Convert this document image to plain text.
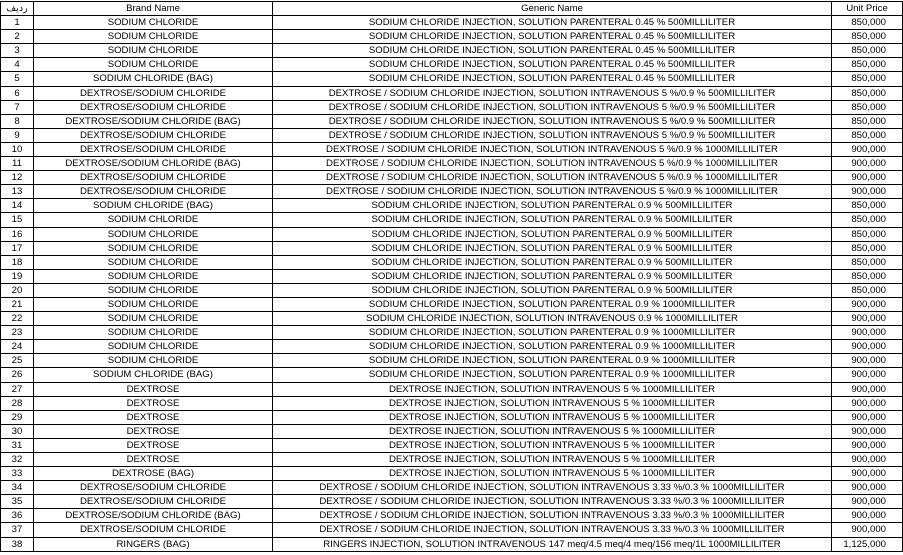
ردیف	Brand Name	Generic Name	Unit Price
1	SODIUM CHLORIDE	SODIUM CHLORIDE INJECTION, SOLUTION PARENTERAL 0.45 % 500MILLILITER	850,000
2	SODIUM CHLORIDE	SODIUM CHLORIDE INJECTION, SOLUTION PARENTERAL 0.45 % 500MILLILITER	850,000
3	SODIUM CHLORIDE	SODIUM CHLORIDE INJECTION, SOLUTION PARENTERAL 0.45 % 500MILLILITER	850,000
4	SODIUM CHLORIDE	SODIUM CHLORIDE INJECTION, SOLUTION PARENTERAL 0.45 % 500MILLILITER	850,000
5	SODIUM CHLORIDE (BAG)	SODIUM CHLORIDE INJECTION, SOLUTION PARENTERAL 0.45 % 500MILLILITER	850,000
6	DEXTROSE/SODIUM CHLORIDE	DEXTROSE / SODIUM CHLORIDE INJECTION, SOLUTION INTRAVENOUS 5 %/0.9 % 500MILLILITER	850,000
7	DEXTROSE/SODIUM CHLORIDE	DEXTROSE / SODIUM CHLORIDE INJECTION, SOLUTION INTRAVENOUS 5 %/0.9 % 500MILLILITER	850,000
8	DEXTROSE/SODIUM CHLORIDE (BAG)	DEXTROSE / SODIUM CHLORIDE INJECTION, SOLUTION INTRAVENOUS 5 %/0.9 % 500MILLILITER	850,000
9	DEXTROSE/SODIUM CHLORIDE	DEXTROSE / SODIUM CHLORIDE INJECTION, SOLUTION INTRAVENOUS 5 %/0.9 % 500MILLILITER	850,000
10	DEXTROSE/SODIUM CHLORIDE	DEXTROSE / SODIUM CHLORIDE INJECTION, SOLUTION INTRAVENOUS 5 %/0.9 % 1000MILLILITER	900,000
11	DEXTROSE/SODIUM CHLORIDE (BAG)	DEXTROSE / SODIUM CHLORIDE INJECTION, SOLUTION INTRAVENOUS 5 %/0.9 % 1000MILLILITER	900,000
12	DEXTROSE/SODIUM CHLORIDE	DEXTROSE / SODIUM CHLORIDE INJECTION, SOLUTION INTRAVENOUS 5 %/0.9 % 1000MILLILITER	900,000
13	DEXTROSE/SODIUM CHLORIDE	DEXTROSE / SODIUM CHLORIDE INJECTION, SOLUTION INTRAVENOUS 5 %/0.9 % 1000MILLILITER	900,000
14	SODIUM CHLORIDE (BAG)	SODIUM CHLORIDE INJECTION, SOLUTION PARENTERAL 0.9 % 500MILLILITER	850,000
15	SODIUM CHLORIDE	SODIUM CHLORIDE INJECTION, SOLUTION PARENTERAL 0.9 % 500MILLILITER	850,000
16	SODIUM CHLORIDE	SODIUM CHLORIDE INJECTION, SOLUTION PARENTERAL 0.9 % 500MILLILITER	850,000
17	SODIUM CHLORIDE	SODIUM CHLORIDE INJECTION, SOLUTION PARENTERAL 0.9 % 500MILLILITER	850,000
18	SODIUM CHLORIDE	SODIUM CHLORIDE INJECTION, SOLUTION PARENTERAL 0.9 % 500MILLILITER	850,000
19	SODIUM CHLORIDE	SODIUM CHLORIDE INJECTION, SOLUTION PARENTERAL 0.9 % 500MILLILITER	850,000
20	SODIUM CHLORIDE	SODIUM CHLORIDE INJECTION, SOLUTION PARENTERAL 0.9 % 500MILLILITER	850,000
21	SODIUM CHLORIDE	SODIUM CHLORIDE INJECTION, SOLUTION PARENTERAL 0.9 % 1000MILLILITER	900,000
22	SODIUM CHLORIDE	SODIUM CHLORIDE INJECTION, SOLUTION INTRAVENOUS 0.9 % 1000MILLILITER	900,000
23	SODIUM CHLORIDE	SODIUM CHLORIDE INJECTION, SOLUTION PARENTERAL 0.9 % 1000MILLILITER	900,000
24	SODIUM CHLORIDE	SODIUM CHLORIDE INJECTION, SOLUTION PARENTERAL 0.9 % 1000MILLILITER	900,000
25	SODIUM CHLORIDE	SODIUM CHLORIDE INJECTION, SOLUTION PARENTERAL 0.9 % 1000MILLILITER	900,000
26	SODIUM CHLORIDE (BAG)	SODIUM CHLORIDE INJECTION, SOLUTION PARENTERAL 0.9 % 1000MILLILITER	900,000
27	DEXTROSE	DEXTROSE INJECTION, SOLUTION INTRAVENOUS 5 % 1000MILLILITER	900,000
28	DEXTROSE	DEXTROSE INJECTION, SOLUTION INTRAVENOUS 5 % 1000MILLILITER	900,000
29	DEXTROSE	DEXTROSE INJECTION, SOLUTION INTRAVENOUS 5 % 1000MILLILITER	900,000
30	DEXTROSE	DEXTROSE INJECTION, SOLUTION INTRAVENOUS 5 % 1000MILLILITER	900,000
31	DEXTROSE	DEXTROSE INJECTION, SOLUTION INTRAVENOUS 5 % 1000MILLILITER	900,000
32	DEXTROSE	DEXTROSE INJECTION, SOLUTION INTRAVENOUS 5 % 1000MILLILITER	900,000
33	DEXTROSE (BAG)	DEXTROSE INJECTION, SOLUTION INTRAVENOUS 5 % 1000MILLILITER	900,000
34	DEXTROSE/SODIUM CHLORIDE	DEXTROSE / SODIUM CHLORIDE INJECTION, SOLUTION INTRAVENOUS 3.33 %/0.3 % 1000MILLILITER	900,000
35	DEXTROSE/SODIUM CHLORIDE	DEXTROSE / SODIUM CHLORIDE INJECTION, SOLUTION INTRAVENOUS 3.33 %/0.3 % 1000MILLILITER	900,000
36	DEXTROSE/SODIUM CHLORIDE (BAG)	DEXTROSE / SODIUM CHLORIDE INJECTION, SOLUTION INTRAVENOUS 3.33 %/0.3 % 1000MILLILITER	900,000
37	DEXTROSE/SODIUM CHLORIDE	DEXTROSE / SODIUM CHLORIDE INJECTION, SOLUTION INTRAVENOUS 3.33 %/0.3 % 1000MILLILITER	900,000
38	RINGERS (BAG)	RINGERS INJECTION, SOLUTION INTRAVENOUS 147 meq/4.5 meq/4 meq/156 meq/1L 1000MILLILITER	1,125,000
